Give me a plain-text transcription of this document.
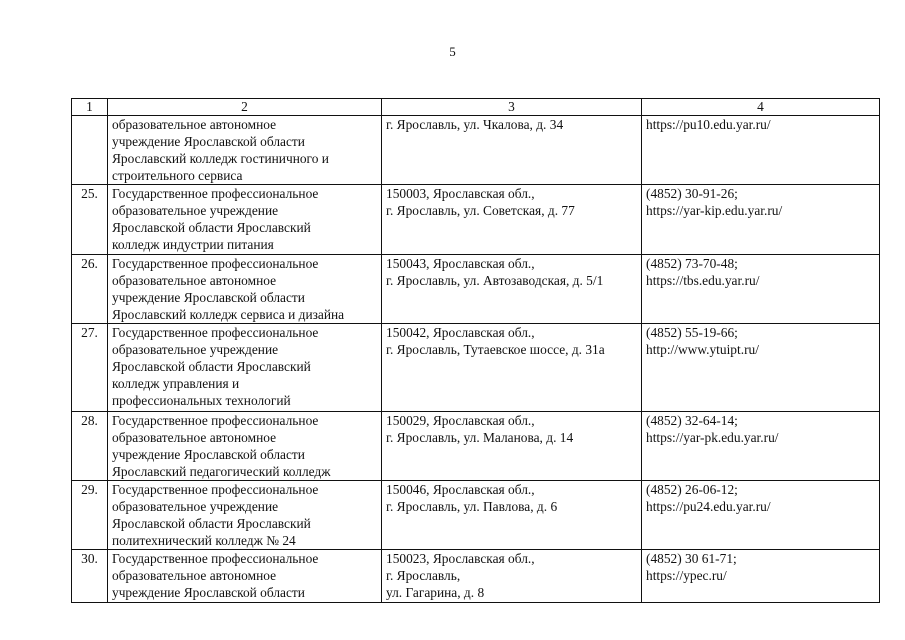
5
1	2	3	4

	образовательное автономное
учреждение Ярославской области
Ярославский колледж гостиничного и
строительного сервиса	г. Ярославль, ул. Чкалова, д. 34	https://pu10.edu.yar.ru/

25.	Государственное профессиональное
образовательное учреждение
Ярославской области Ярославский
колледж индустрии питания	150003, Ярославская обл.,
г. Ярославль, ул. Советская, д. 77	(4852) 30-91-26;
https://yar-kip.edu.yar.ru/

26.	Государственное профессиональное
образовательное автономное
учреждение Ярославской области
Ярославский колледж сервиса и дизайна	150043, Ярославская обл.,
г. Ярославль, ул. Автозаводская, д. 5/1	(4852) 73-70-48;
https://tbs.edu.yar.ru/

27.	Государственное профессиональное
образовательное учреждение
Ярославской области Ярославский
колледж управления и
профессиональных технологий	150042, Ярославская обл.,
г. Ярославль, Тутаевское шоссе, д. 31а	(4852) 55-19-66;
http://www.ytuipt.ru/

28.	Государственное профессиональное
образовательное автономное
учреждение Ярославской области
Ярославский педагогический колледж	150029, Ярославская обл.,
г. Ярославль, ул. Маланова, д. 14	(4852) 32-64-14;
https://yar-pk.edu.yar.ru/

29.	Государственное профессиональное
образовательное учреждение
Ярославской области Ярославский
политехнический колледж № 24	150046, Ярославская обл.,
г. Ярославль, ул. Павлова, д. 6	(4852) 26-06-12;
https://pu24.edu.yar.ru/

30.	Государственное профессиональное
образовательное автономное
учреждение Ярославской области	150023, Ярославская обл.,
г. Ярославль,
ул. Гагарина, д. 8	(4852) 30 61-71;
https://ypec.ru/
